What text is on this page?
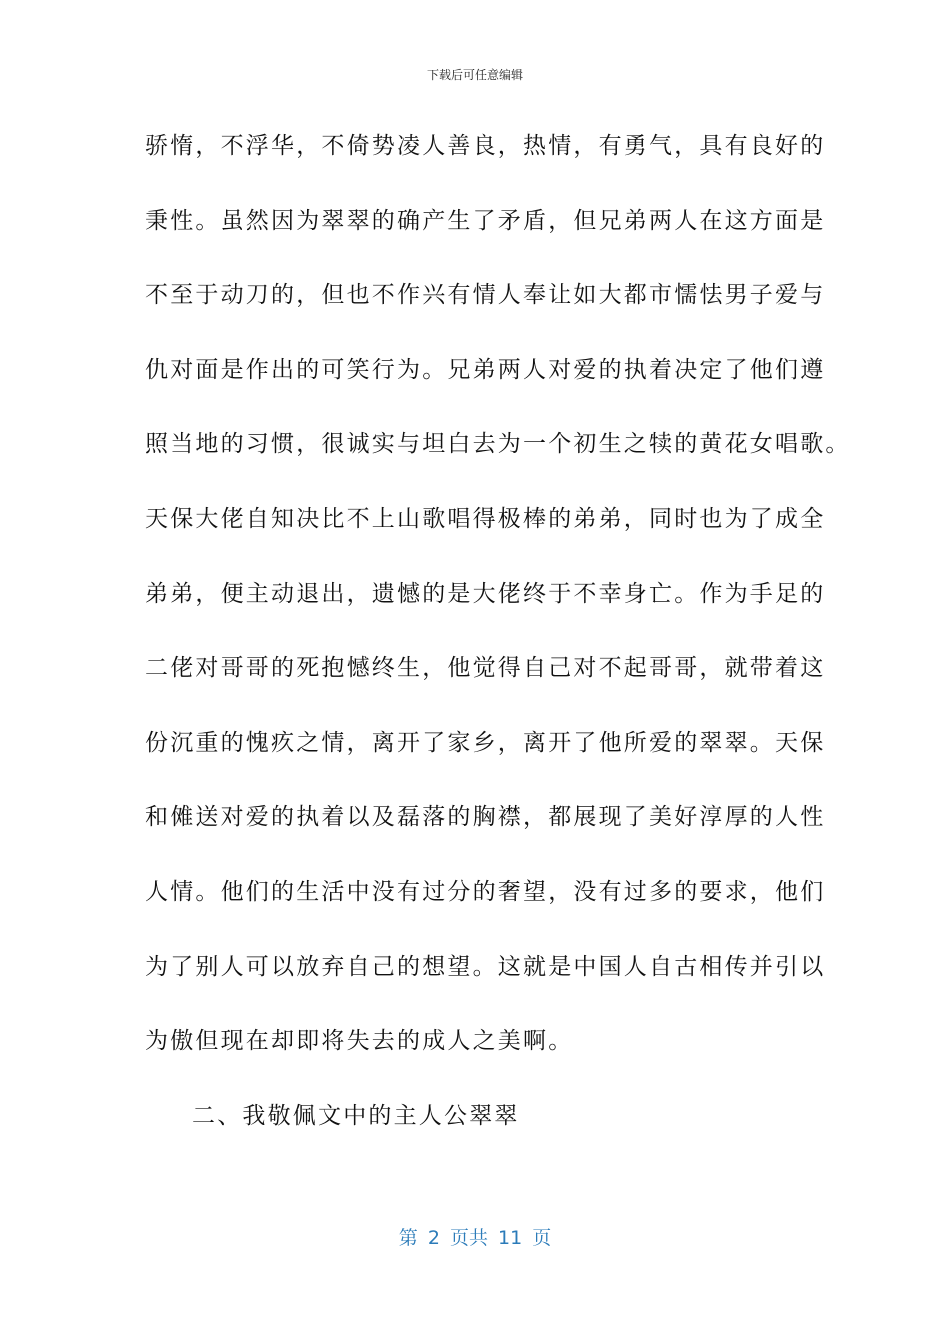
下载后可任意编辑
骄惰，不浮华，不倚势凌人善良，热情，有勇气，具有良好的
秉性。虽然因为翠翠的确产生了矛盾，但兄弟两人在这方面是
不至于动刀的，但也不作兴有情人奉让如大都市懦怯男子爱与
仇对面是作出的可笑行为。兄弟两人对爱的执着决定了他们遵
照当地的习惯，很诚实与坦白去为一个初生之犊的黄花女唱歌。
天保大佬自知决比不上山歌唱得极棒的弟弟，同时也为了成全
弟弟，便主动退出，遗憾的是大佬终于不幸身亡。作为手足的
二佬对哥哥的死抱憾终生，他觉得自己对不起哥哥，就带着这
份沉重的愧疚之情，离开了家乡，离开了他所爱的翠翠。天保
和傩送对爱的执着以及磊落的胸襟，都展现了美好淳厚的人性
人情。他们的生活中没有过分的奢望，没有过多的要求，他们
为了别人可以放弃自己的想望。这就是中国人自古相传并引以
为傲但现在却即将失去的成人之美啊。
二、我敬佩文中的主人公翠翠
第 2 页共 11 页
